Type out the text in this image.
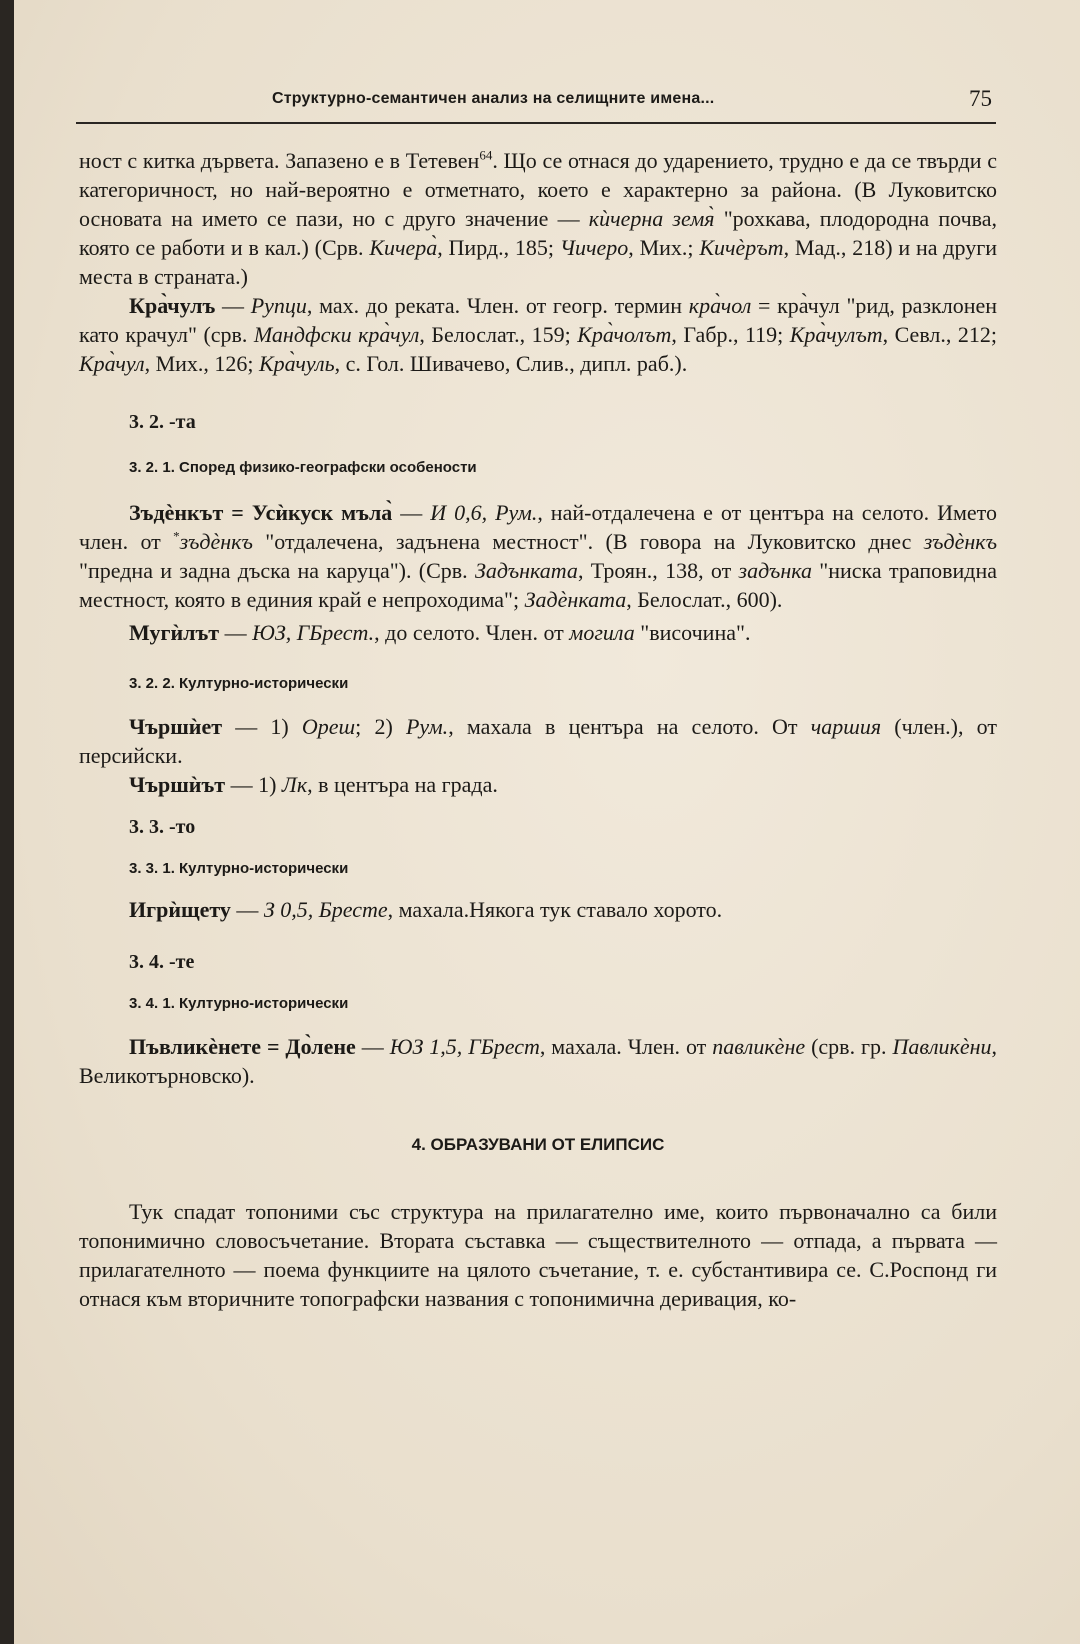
Структурно-семантичен анализ на селищните имена...	75

ност с китка дървета. Запазено е в Тетевен$^{64}$. Що се отнася до ударението, трудно е да се твърди с категоричност, но най-вероятно е отметнато, което е характерно за района. (В Луковитско основата на името се пази, но с друго значение — кѝчерна земя̀ "рохкава, плодородна почва, която се работи и в кал.) (Срв. Кичера̀, Пирд., 185; Чичеро, Мих.; Кичѐрът, Мад., 218) и на други места в страната.)

Кра̀чулъ — Рупци, мах. до реката. Член. от геогр. термин кра̀чол = кра̀чул "рид, разклонен като крачул" (срв. Мандфски кра̀чул, Белослат., 159; Кра̀чолът, Габр., 119; Кра̀чулът, Севл., 212; Кра̀чул, Мих., 126; Кра̀чуль, с. Гол. Шивачево, Слив., дипл. раб.).

3. 2. -та
3. 2. 1. Според физико-географски особености

Зъдѐнкът = Усѝкуск мъла̀ — И 0,6, Рум., най-отдалечена е от центъра на селото. Името член. от *зъдѐнкъ "отдалечена, задънена местност". (В говора на Луковитско днес зъдѐнкъ "предна и задна дъска на каруца"). (Срв. Задънката, Троян., 138, от задънка "ниска траповидна местност, която в единия край е непроходима"; Задѐнката, Белослат., 600).

Мугѝлът — ЮЗ, ГБрест., до селото. Член. от могила "височина".

3. 2. 2. Културно-исторически

Чършѝет — 1) Ореш; 2) Рум., махала в центъра на селото. От чаршия (член.), от персийски.

Чършѝът — 1) Лк, в центъра на града.

3. 3. -то
3. 3. 1. Културно-исторически

Игрѝщету — З 0,5, Бресте, махала.Някога тук ставало хорото.

3. 4. -те
3. 4. 1. Културно-исторически

Пъвликѐнете = До̀лене — ЮЗ 1,5, ГБрест, махала. Член. от павликѐне (срв. гр. Павликѐни, Великотърновско).

4. ОБРАЗУВАНИ ОТ ЕЛИПСИС

Тук спадат топоними със структура на прилагателно име, които първоначално са били топонимично словосъчетание. Втората съставка — съществителното — отпада, а първата — прилагателното — поема функциите на цялото съчетание, т. е. субстантивира се. С.Роспонд ги отнася към вторичните топографски названия с топонимична деривация, ко-
